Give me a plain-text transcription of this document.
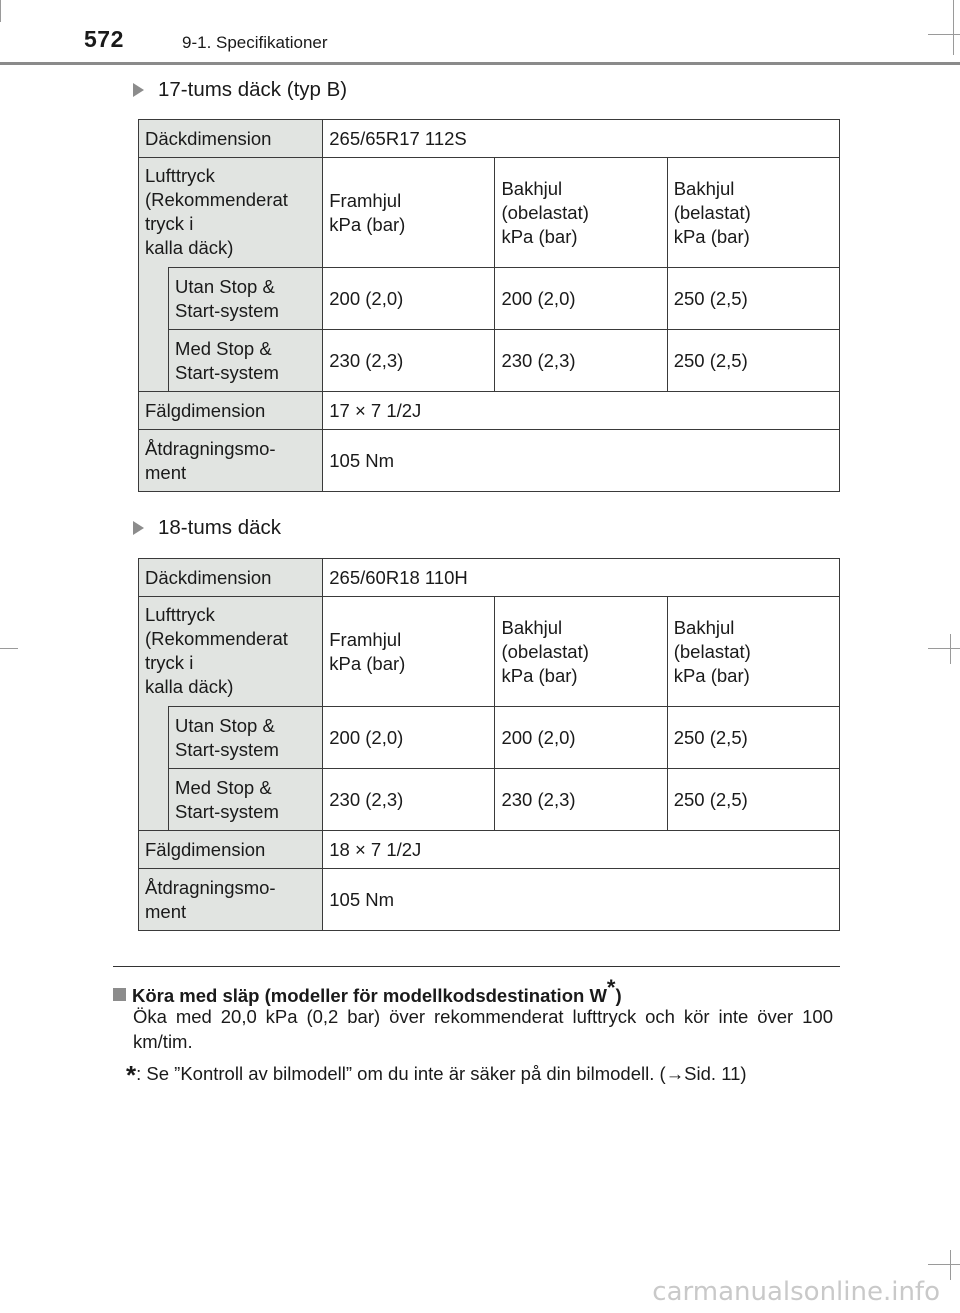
572	9-1. Specifikationer
17-tums däck (typ B)
Däckdimension		265/65R17 112S		
Lufttryck
(Rekommenderat
tryck i
kalla däck)		Framhjul
kPa (bar)	Bakhjul
(obelastat)
kPa (bar)	Bakhjul
(belastat)
kPa (bar)
	Utan Stop &
Start-system	200 (2,0)	200 (2,0)	250 (2,5)
	Med Stop &
Start-system	230 (2,3)	230 (2,3)	250 (2,5)
Fälgdimension		17 × 7 1/2J		
Åtdragningsmo-
ment		105 Nm		
18-tums däck
Däckdimension		265/60R18 110H		
Lufttryck
(Rekommenderat
tryck i
kalla däck)		Framhjul
kPa (bar)	Bakhjul
(obelastat)
kPa (bar)	Bakhjul
(belastat)
kPa (bar)
	Utan Stop &
Start-system	200 (2,0)	200 (2,0)	250 (2,5)
	Med Stop &
Start-system	230 (2,3)	230 (2,3)	250 (2,5)
Fälgdimension		18 × 7 1/2J		
Åtdragningsmo-
ment		105 Nm		
Köra med släp (modeller för modellkodsdestination W*)
Öka med 20,0 kPa (0,2 bar) över rekommenderat lufttryck och kör inte över 100 km/tim.
*: Se ”Kontroll av bilmodell” om du inte är säker på din bilmodell. (→Sid. 11)
carmanualsonline.info
